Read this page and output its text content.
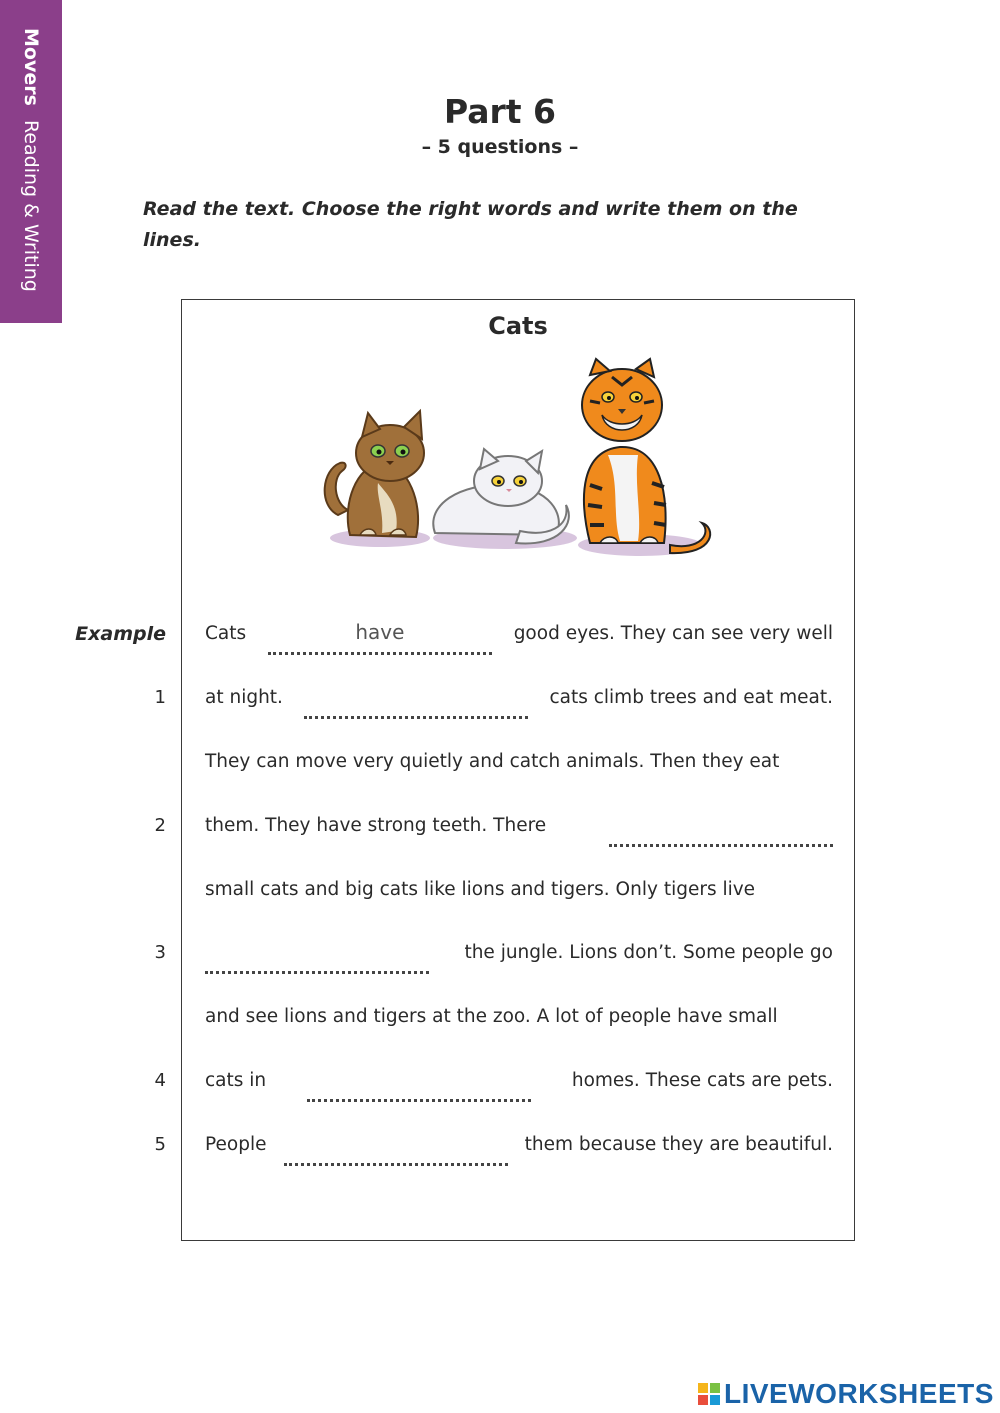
Movers Reading & Writing
Part 6
– 5 questions –
Read the text. Choose the right words and write them on the lines.
Cats
Example
1
2
3
4
5
Cats	have	good eyes. They can see very well
at night.	cats climb trees and eat meat.
They can move very quietly and catch animals. Then they eat
them. They have strong teeth. There
small cats and big cats like lions and tigers. Only tigers live
the jungle. Lions don’t. Some people go
and see lions and tigers at the zoo. A lot of people have small
cats in	homes. These cats are pets.
People	them because they are beautiful.
LIVEWORKSHEETS
